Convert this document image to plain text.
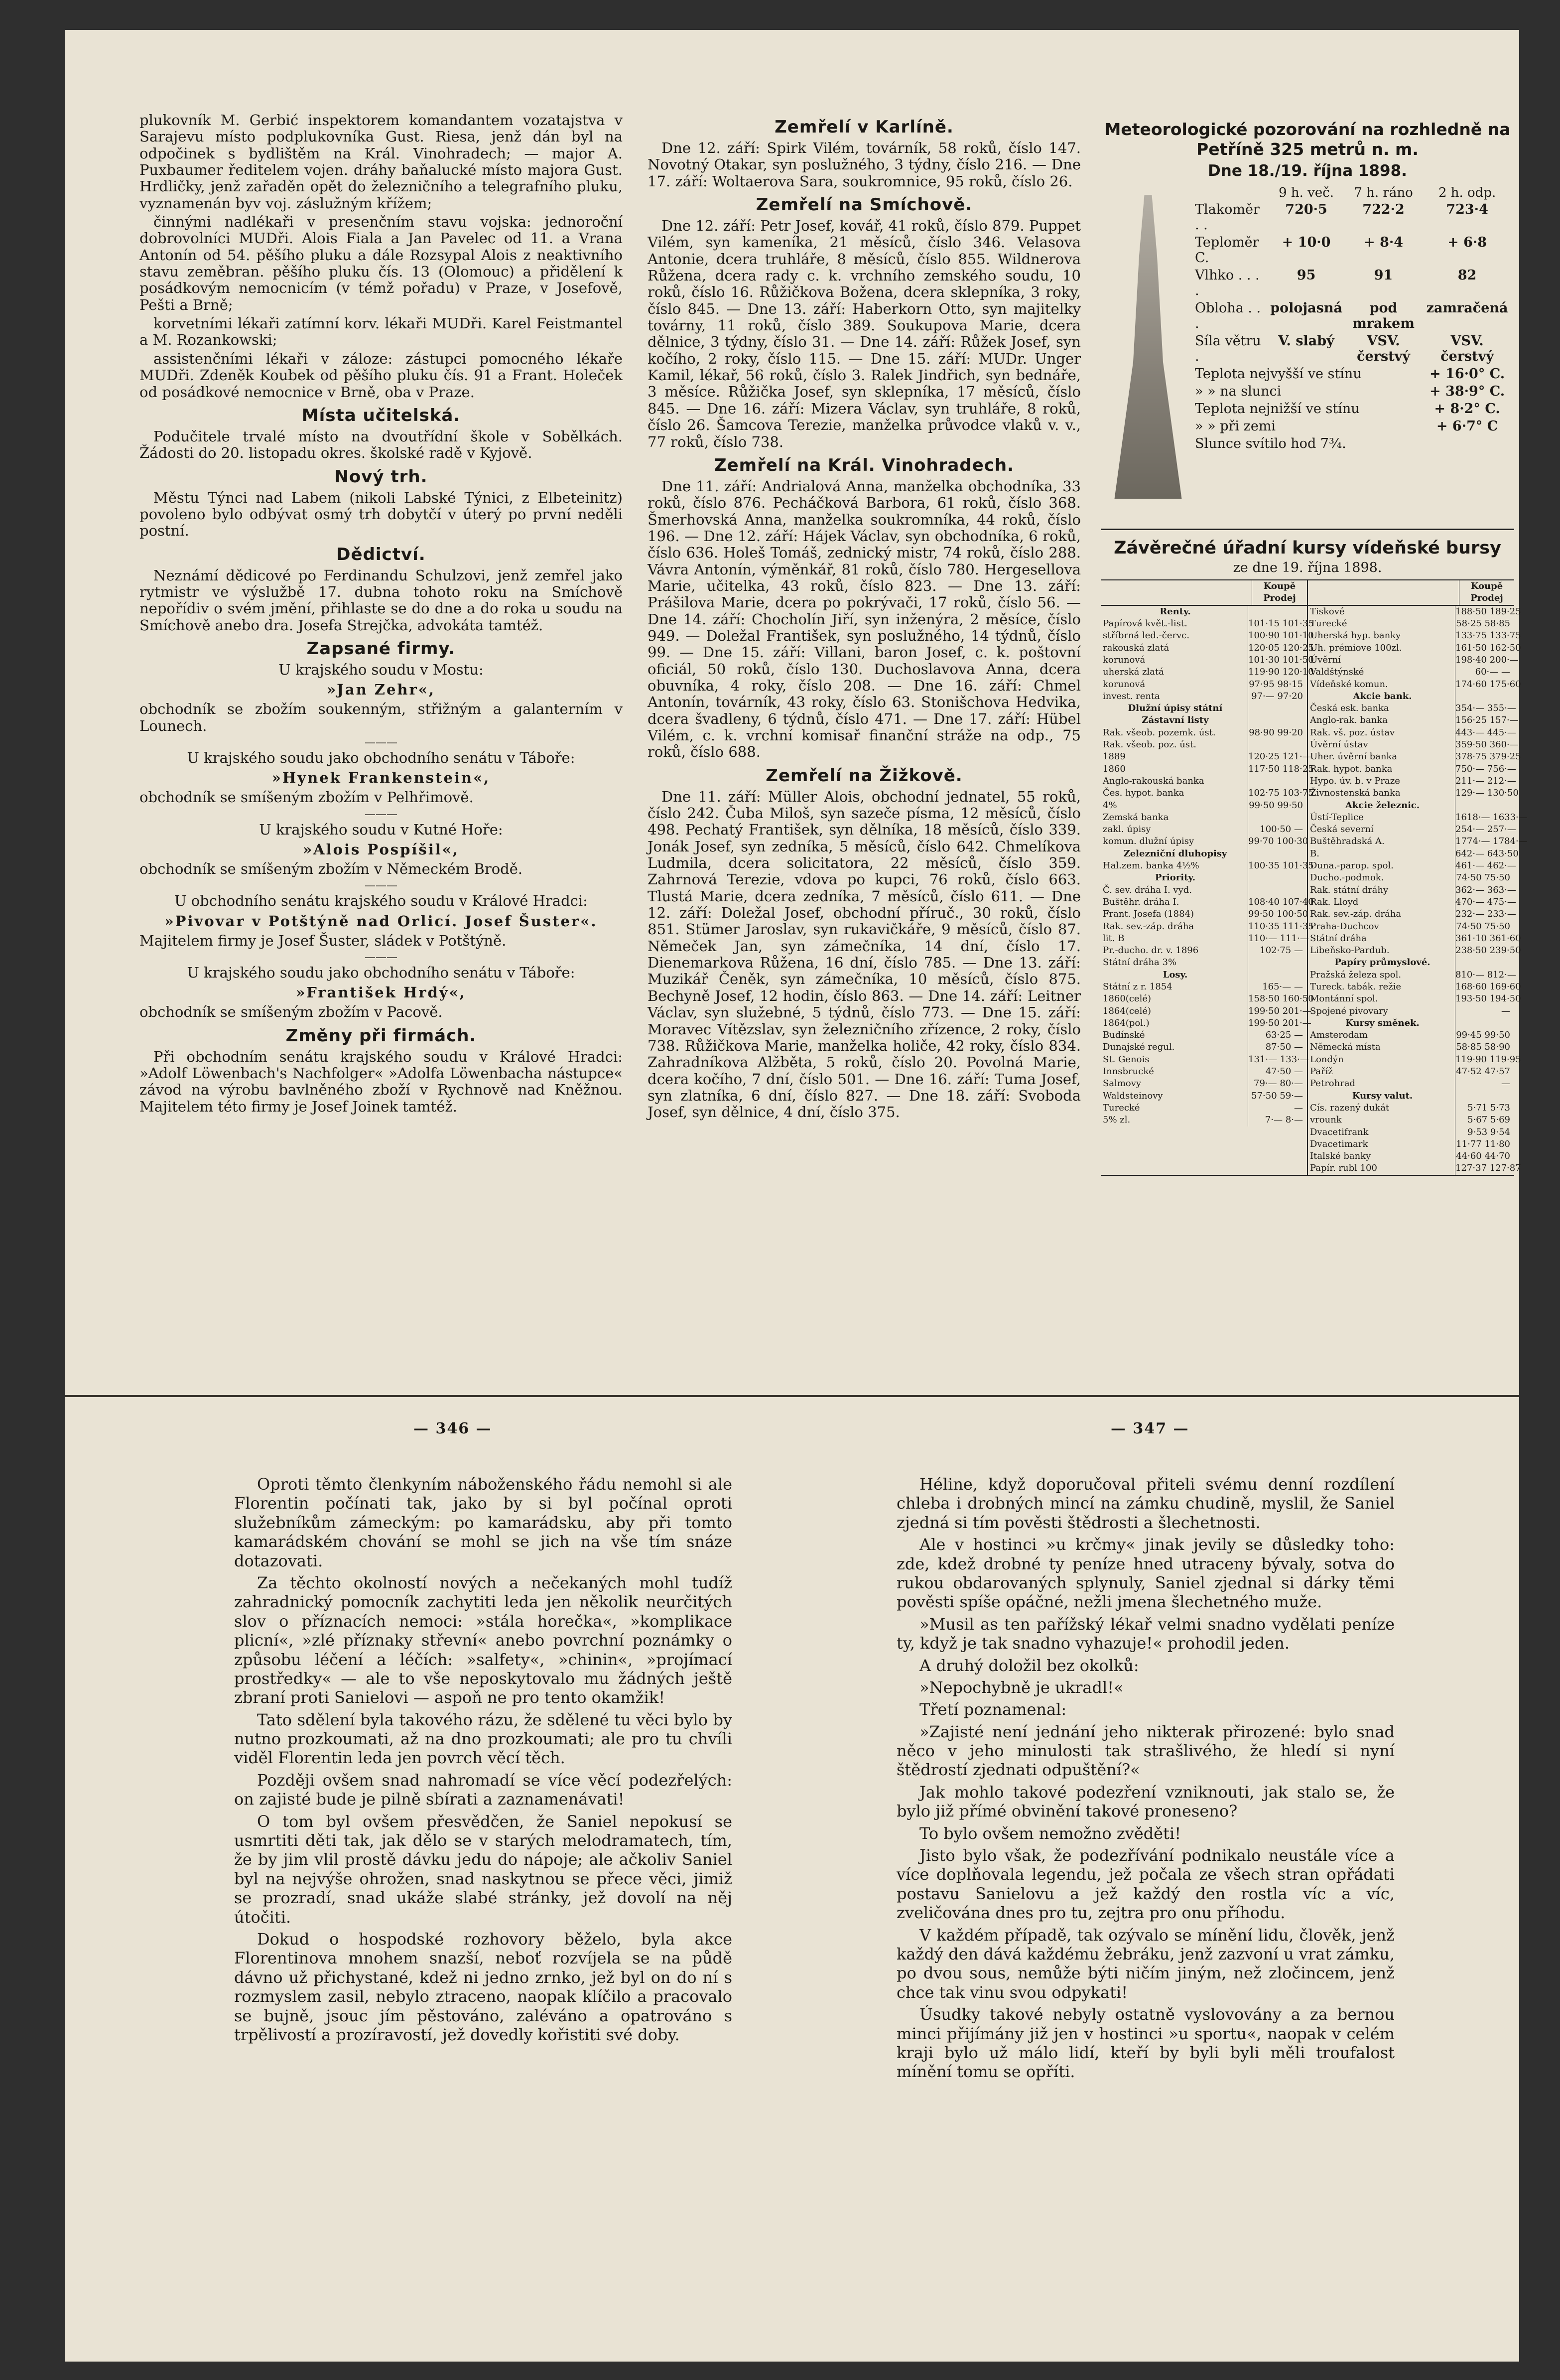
plukovník M. Gerbić inspektorem komandantem vozatajstva v Sarajevu místo podplukovníka Gust. Riesa, jenž dán byl na odpočinek s bydlištěm na Král. Vinohradech; — major A. Puxbaumer ředitelem vojen. dráhy baňalucké místo majora Gust. Hrdličky, jenž zařaděn opět do železničního a telegrafního pluku, vyznamenán byv voj. záslužným křížem;

činnými nadlékaři v presenčním stavu vojska: jednoroční dobrovolníci MUDři. Alois Fiala a Jan Pavelec od 11. a Vrana Antonín od 54. pěšího pluku a dále Rozsypal Alois z neaktivního stavu zeměbran. pěšího pluku čís. 13 (Olomouc) a přidělení k posádkovým nemocnicím (v témž pořadu) v Praze, v Josefově, Pešti a Brně;

korvetními lékaři zatímní korv. lékaři MUDři. Karel Feistmantel a M. Rozankowski;

assistenčními lékaři v záloze: zástupci pomocného lékaře MUDři. Zdeněk Koubek od pěšího pluku čís. 91 a Frant. Holeček od posádkové nemocnice v Brně, oba v Praze.

Místa učitelská.

Podučitele trvalé místo na dvoutřídní škole v Sobělkách. Žádosti do 20. listopadu okres. školské radě v Kyjově.

Nový trh.

Městu Týnci nad Labem (nikoli Labské Týnici, z Elbeteinitz) povoleno bylo odbývat osmý trh dobytčí v úterý po první neděli postní.

Dědictví.

Neznámí dědicové po Ferdinandu Schulzovi, jenž zemřel jako rytmistr ve výslužbě 17. dubna tohoto roku na Smíchově nepořídiv o svém jmění, přihlaste se do dne a do roka u soudu na Smíchově anebo dra. Josefa Strejčka, advokáta tamtéž.

Zapsané firmy.

U krajského soudu v Mostu:

»Jan Zehr«,

obchodník se zbožím soukenným, střižným a galanterním v Lounech.

———

U krajského soudu jako obchodního senátu v Táboře:

»Hynek Frankenstein«,

obchodník se smíšeným zbožím v Pelhřimově.

———

U krajského soudu v Kutné Hoře:

»Alois Pospíšil«,

obchodník se smíšeným zbožím v Německém Brodě.

———

U obchodního senátu krajského soudu v Králové Hradci:

»Pivovar v Potštýně nad Orlicí. Josef Šuster«.

Majitelem firmy je Josef Šuster, sládek v Potštýně.

———

U krajského soudu jako obchodního senátu v Táboře:

»František Hrdý«,

obchodník se smíšeným zbožím v Pacově.

Změny při firmách.

Při obchodním senátu krajského soudu v Králové Hradci: »Adolf Löwenbach's Nachfolger« »Adolfa Löwenbacha nástupce« závod na výrobu bavlněného zboží v Rychnově nad Kněžnou. Majitelem této firmy je Josef Joinek tamtéž.

Zemřelí v Karlíně.

Dne 12. září: Spirk Vilém, továrník, 58 roků, číslo 147. Novotný Otakar, syn poslužného, 3 týdny, číslo 216. — Dne 17. září: Woltaerova Sara, soukromnice, 95 roků, číslo 26.

Zemřelí na Smíchově.

Dne 12. září: Petr Josef, kovář, 41 roků, číslo 879. Puppet Vilém, syn kameníka, 21 měsíců, číslo 346. Velasova Antonie, dcera truhláře, 8 měsíců, číslo 855. Wildnerova Růžena, dcera rady c. k. vrchního zemského soudu, 10 roků, číslo 16. Růžičkova Božena, dcera sklepníka, 3 roky, číslo 845. — Dne 13. září: Haberkorn Otto, syn majitelky továrny, 11 roků, číslo 389. Soukupova Marie, dcera dělnice, 3 týdny, číslo 31. — Dne 14. září: Růžek Josef, syn kočího, 2 roky, číslo 115. — Dne 15. září: MUDr. Unger Kamil, lékař, 56 roků, číslo 3. Ralek Jindřich, syn bednáře, 3 měsíce. Růžička Josef, syn sklepníka, 17 měsíců, číslo 845. — Dne 16. září: Mizera Václav, syn truhláře, 8 roků, číslo 26. Šamcova Terezie, manželka průvodce vlaků v. v., 77 roků, číslo 738.

Zemřelí na Král. Vinohradech.

Dne 11. září: Andrialová Anna, manželka obchodníka, 33 roků, číslo 876. Pecháčková Barbora, 61 roků, číslo 368. Šmerhovská Anna, manželka soukromníka, 44 roků, číslo 196. — Dne 12. září: Hájek Václav, syn obchodníka, 6 roků, číslo 636. Holeš Tomáš, zednický mistr, 74 roků, číslo 288. Vávra Antonín, výměnkář, 81 roků, číslo 780. Hergesellova Marie, učitelka, 43 roků, číslo 823. — Dne 13. září: Prášilova Marie, dcera po pokrývači, 17 roků, číslo 56. — Dne 14. září: Chocholín Jiří, syn inženýra, 2 měsíce, číslo 949. — Doležal František, syn poslužného, 14 týdnů, číslo 99. — Dne 15. září: Villani, baron Josef, c. k. poštovní oficiál, 50 roků, číslo 130. Duchoslavova Anna, dcera obuvníka, 4 roky, číslo 208. — Dne 16. září: Chmel Antonín, továrník, 43 roky, číslo 63. Stonišchova Hedvika, dcera švadleny, 6 týdnů, číslo 471. — Dne 17. září: Hübel Vilém, c. k. vrchní komisař finanční stráže na odp., 75 roků, číslo 688.

Zemřelí na Žižkově.

Dne 11. září: Müller Alois, obchodní jednatel, 55 roků, číslo 242. Čuba Miloš, syn sazeče písma, 12 měsíců, číslo 498. Pechatý František, syn dělníka, 18 měsíců, číslo 339. Jonák Josef, syn zedníka, 5 měsíců, číslo 642. Chmelíkova Ludmila, dcera solicitatora, 22 měsíců, číslo 359. Zahrnová Terezie, vdova po kupci, 76 roků, číslo 663. Tlustá Marie, dcera zedníka, 7 měsíců, číslo 611. — Dne 12. září: Doležal Josef, obchodní příruč., 30 roků, číslo 851. Stümer Jaroslav, syn rukavičkáře, 9 měsíců, číslo 87. Němeček Jan, syn zámečníka, 14 dní, číslo 17. Dienemarkova Růžena, 16 dní, číslo 785. — Dne 13. září: Muzikář Čeněk, syn zámečníka, 10 měsíců, číslo 875. Bechyně Josef, 12 hodin, číslo 863. — Dne 14. září: Leitner Václav, syn služebné, 5 týdnů, číslo 773. — Dne 15. září: Moravec Vítězslav, syn železničního zřízence, 2 roky, číslo 738. Růžičkova Marie, manželka holiče, 42 roky, číslo 834. Zahradníkova Alžběta, 5 roků, číslo 20. Povolná Marie, dcera kočího, 7 dní, číslo 501. — Dne 16. září: Tuma Josef, syn zlatníka, 6 dní, číslo 827. — Dne 18. září: Svoboda Josef, syn dělnice, 4 dní, číslo 375.

Meteorologické pozorování na rozhledně na Petříně 325 metrů n. m.
Dne 18./19. října 1898.
	9 h. več.	7 h. ráno	2 h. odp.
Tlakoměr . .	720·5	722·2	723·4
Teploměr C.	+ 10·0	+ 8·4	+ 6·8
Vlhko . . . .	95	91	82
Obloha . . .	polojasná	pod mrakem	zamračená
Síla větru .	V. slabý	VSV. čerstvý	VSV. čerstvý
Teplota nejvyšší ve stínu			+ 16·0° C.
» » na slunci			+ 38·9° C.
Teplota nejnižší ve stínu			+ 8·2° C.
» » při zemi			+ 6·7° C
Slunce svítilo hod 7¾.			
Závěrečné úřadní kursy vídeňské bursy
ze dne 19. října 1898.
Koupě Prodej
Renty.
Papírová květ.-list.	101·15 101·35
stříbrná led.-červc.	100·90 101·10
rakouská zlatá	120·05 120·25
korunová	101·30 101·50
uherská zlatá	119·90 120·10
korunová	97·95 98·15
invest. renta	97·— 97·20
Dlužní úpisy státní
Zástavní listy
Rak. všeob. pozemk. úst.	98·90 99·20
Rak. všeob. poz. úst.
1889	120·25 121·—
1860	117·50 118·25
Anglo-rakouská banka
Čes. hypot. banka	102·75 103·75
4%	99·50 99·50
Zemská banka
zakl. úpisy	100·50 —
komun. dlužní úpisy	99·70 100·30
Zelezniční dluhopisy
Hal.zem. banka 4½%	100·35 101·35
Priority.
Č. sev. dráha I. vyd.
Buštěhr. dráha I.	108·40 107·40
Frant. Josefa (1884)	99·50 100·50
Rak. sev.-záp. dráha	110·35 111·35
lit. B	110·— 111·—
Pr.-ducho. dr. v. 1896	102·75 —
Státní dráha 3%
Losy.
Státní z r. 1854	165·— —
1860(celé)	158·50 160·50
1864(celé)	199·50 201·—
1864(pol.)	199·50 201·—
Budínské	63·25 —
Dunajské regul.	87·50 —
St. Genois	131·— 133·—
Innsbrucké	47·50 —
Salmovy	79·— 80·—
Waldsteinovy	57·50 59·—
Turecké	—
5% zl.	7·— 8·—
Koupě Prodej
Tiskové	188·50 189·25
Turecké	58·25 58·85
Uherská hyp. banky	133·75 133·75
Uh. prémiove 100zl.	161·50 162·50
Úvěrní	198·40 200·—
Valdštýnské	60·— —
Vídeňské komun.	174·60 175·60
Akcie bank.
Česká esk. banka	354·— 355·—
Anglo-rak. banka	156·25 157·—
Rak. vš. poz. ústav	443·— 445·—
Úvěrní ústav	359·50 360·—
Uher. úvěrní banka	378·75 379·25
Rak. hypot. banka	750·— 756·—
Hypo. úv. b. v Praze	211·— 212·—
Živnostenská banka	129·— 130·50
Akcie železnic.
Ústí-Teplice	1618·— 1633·—
Česká severní	254·— 257·—
Buštěhradská A.	1774·— 1784·—
B.	642·— 643·50
Duna.-parop. spol.	461·— 462·—
Ducho.-podmok.	74·50 75·50
Rak. státní dráhy	362·— 363·—
Rak. Lloyd	470·— 475·—
Rak. sev.-záp. dráha	232·— 233·—
Praha-Duchcov	74·50 75·50
Státní dráha	361·10 361·60
Libeňsko-Pardub.	238·50 239·50
Papíry průmyslové.
Pražská železa spol.	810·— 812·—
Tureck. tabák. režie	168·60 169·60
Montánní spol.	193·50 194·50
Spojené pivovary	—
Kursy směnek.
Amsterodam	99·45 99·50
Německá místa	58·85 58·90
Londýn	119·90 119·95
Paříž	47·52 47·57
Petrohrad	—
Kursy valut.
Cís. razený dukát	5·71 5·73
vrounk	5·67 5·69
Dvacetifrank	9·53 9·54
Dvacetimark	11·77 11·80
Italské banky	44·60 44·70
Papír. rubl 100	127·37 127·87
— 346 —	— 347 —

Oproti těmto členkyním náboženského řádu nemohl si ale Florentin počínati tak, jako by si byl počínal oproti služebníkům zámeckým: po kamarádsku, aby při tomto kamarádském chování se mohl se jich na vše tím snáze dotazovati.

Za těchto okolností nových a nečekaných mohl tudíž zahradnický pomocník zachytiti leda jen několik neurčitých slov o příznacích nemoci: »stála horečka«, »komplikace plicní«, »zlé příznaky střevní« anebo povrchní poznámky o způsobu léčení a léčích: »salfety«, »chinin«, »projímací prostředky« — ale to vše neposkytovalo mu žádných ještě zbraní proti Sanielovi — aspoň ne pro tento okamžik!

Tato sdělení byla takového rázu, že sdělené tu věci bylo by nutno prozkoumati, až na dno prozkoumati; ale pro tu chvíli viděl Florentin leda jen povrch věcí těch.

Později ovšem snad nahromadí se více věcí podezřelých: on zajisté bude je pilně sbírati a zaznamenávati!

O tom byl ovšem přesvědčen, že Saniel nepokusí se usmrtiti děti tak, jak dělo se v starých melodramatech, tím, že by jim vlil prostě dávku jedu do nápoje; ale ačkoliv Saniel byl na nejvýše ohrožen, snad naskytnou se přece věci, jimiž se prozradí, snad ukáže slabé stránky, jež dovolí na něj útočiti.

Dokud o hospodské rozhovory běželo, byla akce Florentinova mnohem snazší, neboť rozvíjela se na půdě dávno už přichystané, kdež ni jedno zrnko, jež byl on do ní s rozmyslem zasil, nebylo ztraceno, naopak klíčilo a pracovalo se bujně, jsouc jím pěstováno, zaléváno a opatrováno s trpělivostí a prozíravostí, jež dovedly kořistiti své doby.

Héline, když doporučoval přiteli svému denní rozdílení chleba i drobných mincí na zámku chudině, myslil, že Saniel zjedná si tím pověsti štědrosti a šlechetnosti.

Ale v hostinci »u krčmy« jinak jevily se důsledky toho: zde, kdež drobné ty peníze hned utraceny bývaly, sotva do rukou obdarovaných splynuly, Saniel zjednal si dárky těmi pověsti spíše opáčné, nežli jmena šlechetného muže.

»Musil as ten pařížský lékař velmi snadno vydělati peníze ty, když je tak snadno vyhazuje!« prohodil jeden.

A druhý doložil bez okolků:

»Nepochybně je ukradl!«

Třetí poznamenal:

»Zajisté není jednání jeho nikterak přirozené: bylo snad něco v jeho minulosti tak strašlivého, že hledí si nyní štědrostí zjednati odpuštění?«

Jak mohlo takové podezření vzniknouti, jak stalo se, že bylo již přímé obvinění takové proneseno?

To bylo ovšem nemožno zvěděti!

Jisto bylo však, že podezřívání podnikalo neustále více a více doplňovala legendu, jež počala ze všech stran opřádati postavu Sanielovu a jež každý den rostla víc a víc, zveličována dnes pro tu, zejtra pro onu příhodu.

V každém případě, tak ozývalo se mínění lidu, člověk, jenž každý den dává každému žebráku, jenž zazvoní u vrat zámku, po dvou sous, nemůže býti ničím jiným, než zločincem, jenž chce tak vinu svou odpykati!

Úsudky takové nebyly ostatně vyslovovány a za bernou minci přijímány již jen v hostinci »u sportu«, naopak v celém kraji bylo už málo lidí, kteří by byli byli měli troufalost mínění tomu se opříti.
